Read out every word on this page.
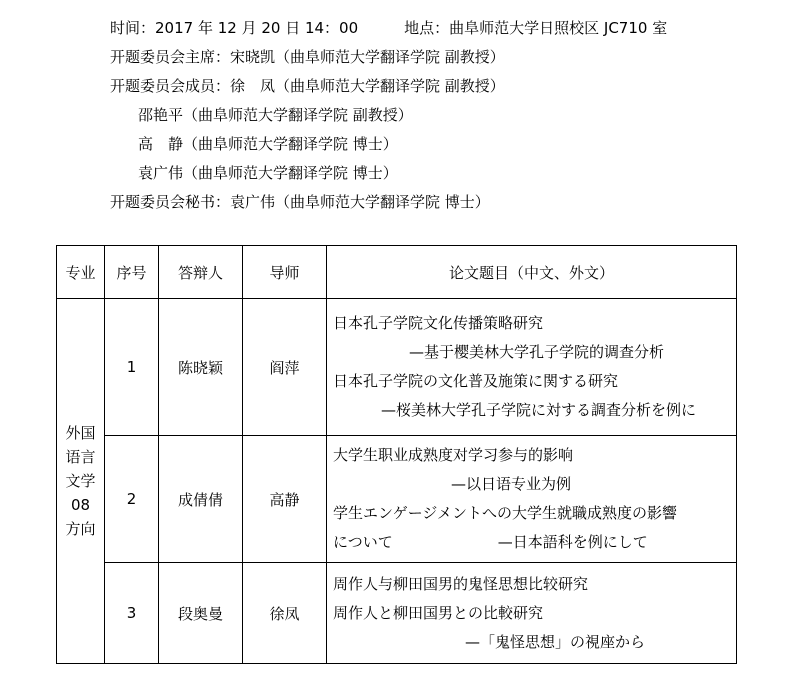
时间：2017 年 12 月 20 日 14：00	地点：曲阜师范大学日照校区 JC710 室
开题委员会主席：宋晓凯（曲阜师范大学翻译学院 副教授）
开题委员会成员：徐　凤（曲阜师范大学翻译学院 副教授）
邵艳平（曲阜师范大学翻译学院 副教授）
高　静（曲阜师范大学翻译学院 博士）
袁广伟（曲阜师范大学翻译学院 博士）
开题委员会秘书：袁广伟（曲阜师范大学翻译学院 博士）
专业	序号	答辩人	导师	论文题目（中文、外文）
外国语言文学 08 方向	1	陈晓颖	阎萍	日本孔子学院文化传播策略研究
—基于樱美林大学孔子学院的调查分析
日本孔子学院の文化普及施策に関する研究
—桜美林大学孔子学院に対する調査分析を例に

	2	成倩倩	高静	大学生职业成熟度对学习参与的影响
—以日语专业为例
学生エンゲージメントへの大学生就職成熟度の影響
について　　　　　　　—日本語科を例にして

	3	段奥曼	徐凤	周作人与柳田国男的鬼怪思想比较研究
周作人と柳田国男との比較研究
—「鬼怪思想」の視座から
